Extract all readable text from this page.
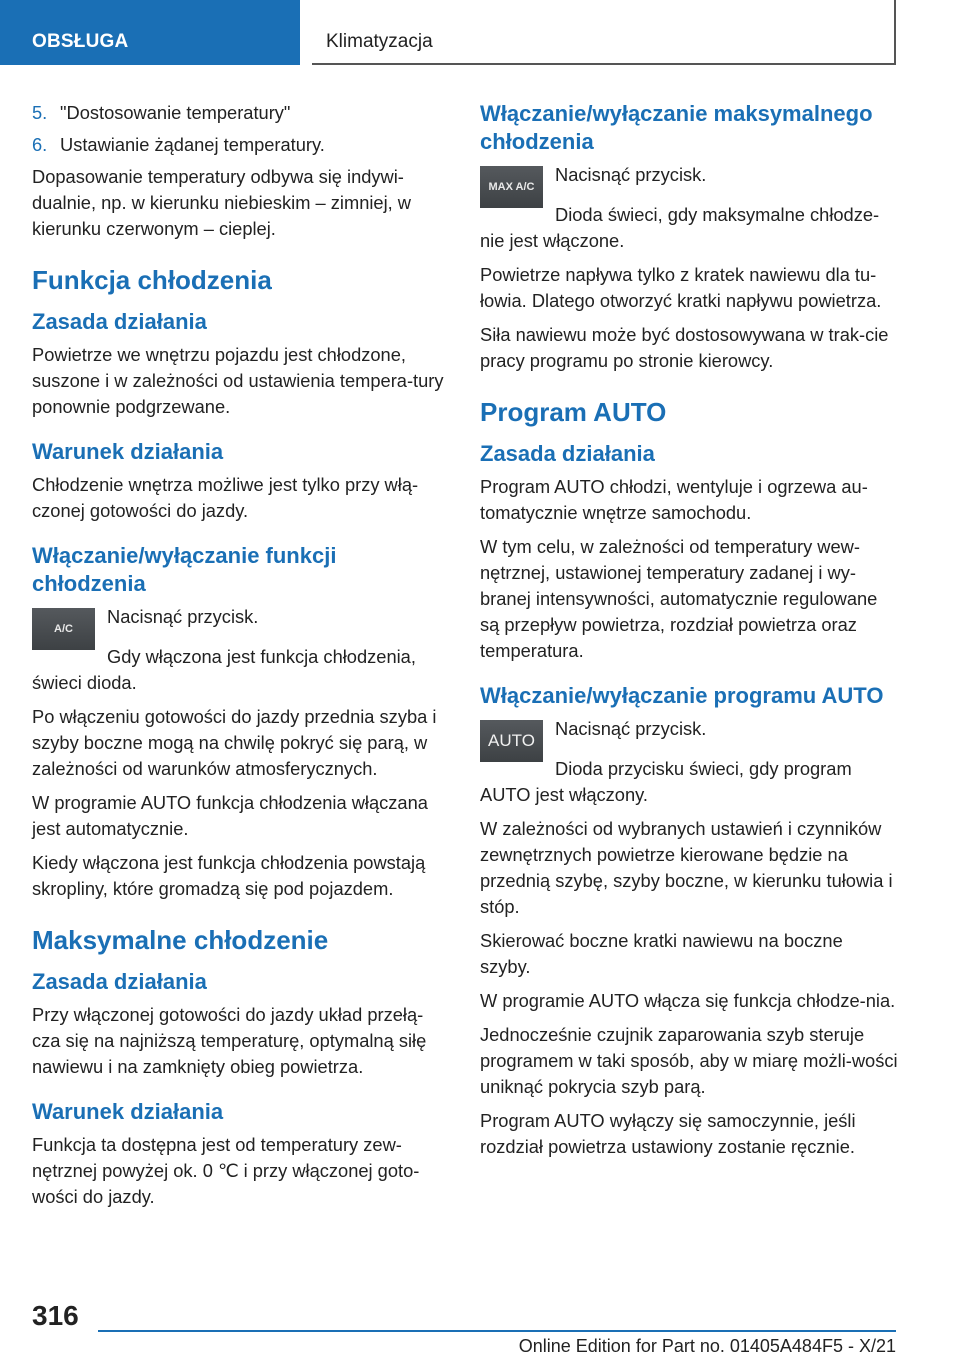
OBSŁUGA	Klimatyzacja
5. "Dostosowanie temperatury"
6. Ustawianie żądanej temperatury.

Dopasowanie temperatury odbywa się indywi-dualnie, np. w kierunku niebieskim – zimniej, w kierunku czerwonym – cieplej.

Funkcja chłodzenia
Zasada działania

Powietrze we wnętrzu pojazdu jest chłodzone, suszone i w zależności od ustawienia tempera-tury ponownie podgrzewane.

Warunek działania

Chłodzenie wnętrza możliwe jest tylko przy włą-czonej gotowości do jazdy.

Włączanie/wyłączanie funkcji chłodzenia
A/C

Nacisnąć przycisk.

Gdy włączona jest funkcja chłodzenia, świeci dioda.

Po włączeniu gotowości do jazdy przednia szyba i szyby boczne mogą na chwilę pokryć się parą, w zależności od warunków atmosferycznych.

W programie AUTO funkcja chłodzenia włączana jest automatycznie.

Kiedy włączona jest funkcja chłodzenia powstają skropliny, które gromadzą się pod pojazdem.

Maksymalne chłodzenie
Zasada działania

Przy włączonej gotowości do jazdy układ przełą-cza się na najniższą temperaturę, optymalną siłę nawiewu i na zamknięty obieg powietrza.

Warunek działania

Funkcja ta dostępna jest od temperatury zew-nętrznej powyżej ok. 0 ℃ i przy włączonej goto-wości do jazdy.

Włączanie/wyłączanie maksymalnego chłodzenia
MAX A/C

Nacisnąć przycisk.

Dioda świeci, gdy maksymalne chłodze-nie jest włączone.

Powietrze napływa tylko z kratek nawiewu dla tu-łowia. Dlatego otworzyć kratki napływu powietrza.

Siła nawiewu może być dostosowywana w trak-cie pracy programu po stronie kierowcy.

Program AUTO
Zasada działania

Program AUTO chłodzi, wentyluje i ogrzewa au-tomatycznie wnętrze samochodu.

W tym celu, w zależności od temperatury wew-nętrznej, ustawionej temperatury zadanej i wy-branej intensywności, automatycznie regulowane są przepływ powietrza, rozdział powietrza oraz temperatura.

Włączanie/wyłączanie programu AUTO
AUTO

Nacisnąć przycisk.

Dioda przycisku świeci, gdy program AUTO jest włączony.

W zależności od wybranych ustawień i czynników zewnętrznych powietrze kierowane będzie na przednią szybę, szyby boczne, w kierunku tułowia i stóp.

Skierować boczne kratki nawiewu na boczne szyby.

W programie AUTO włącza się funkcja chłodze-nia.

Jednocześnie czujnik zaparowania szyb steruje programem w taki sposób, aby w miarę możli-wości uniknąć pokrycia szyb parą.

Program AUTO wyłączy się samoczynnie, jeśli rozdział powietrza ustawiony zostanie ręcznie.

316
Online Edition for Part no. 01405A484F5 - X/21
